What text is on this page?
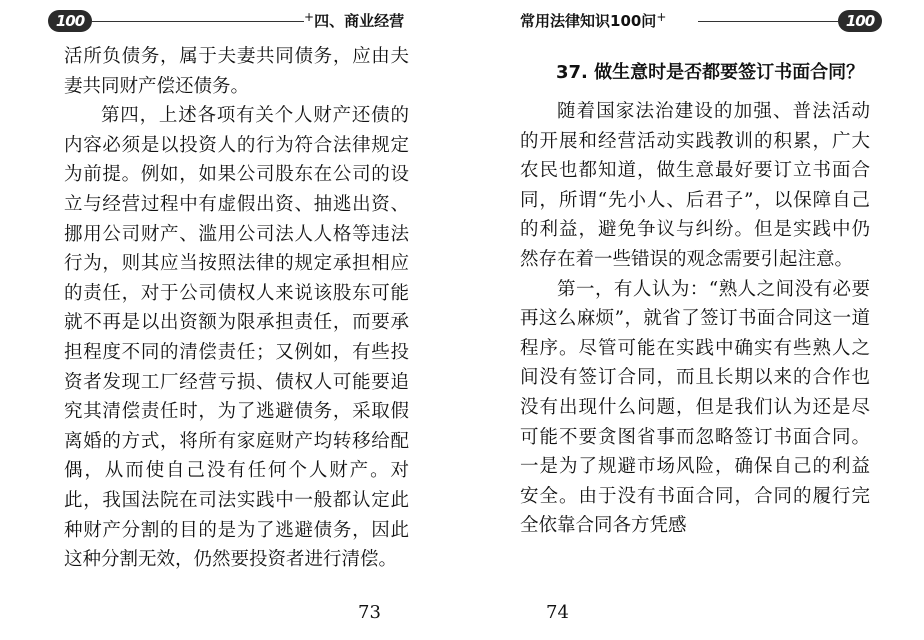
100	+四、商业经营

活所负债务，属于夫妻共同债务，应由夫妻共同财产偿还债务。

第四，上述各项有关个人财产还债的内容必须是以投资人的行为符合法律规定为前提。例如，如果公司股东在公司的设立与经营过程中有虚假出资、抽逃出资、挪用公司财产、滥用公司法人人格等违法行为，则其应当按照法律的规定承担相应的责任，对于公司债权人来说该股东可能就不再是以出资额为限承担责任，而要承担程度不同的清偿责任；又例如，有些投资者发现工厂经营亏损、债权人可能要追究其清偿责任时，为了逃避债务，采取假离婚的方式，将所有家庭财产均转移给配偶，从而使自己没有任何个人财产。对此，我国法院在司法实践中一般都认定此种财产分割的目的是为了逃避债务，因此这种分割无效，仍然要投资者进行清偿。

73
常用法律知识100问+	100

37. 做生意时是否都要签订书面合同？

随着国家法治建设的加强、普法活动的开展和经营活动实践教训的积累，广大农民也都知道，做生意最好要订立书面合同，所谓“先小人、后君子”，以保障自己的利益，避免争议与纠纷。但是实践中仍然存在着一些错误的观念需要引起注意。

第一，有人认为：“熟人之间没有必要再这么麻烦”，就省了签订书面合同这一道程序。尽管可能在实践中确实有些熟人之间没有签订合同，而且长期以来的合作也没有出现什么问题，但是我们认为还是尽可能不要贪图省事而忽略签订书面合同。一是为了规避市场风险，确保自己的利益安全。由于没有书面合同，合同的履行完全依靠合同各方凭感

74
